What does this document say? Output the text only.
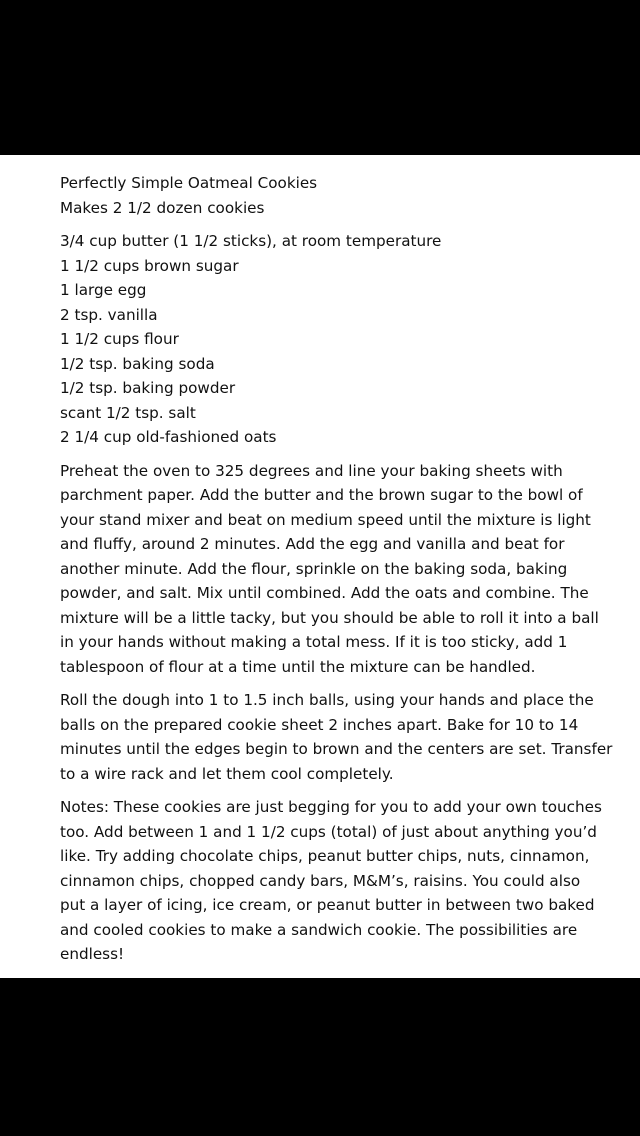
Perfectly Simple Oatmeal Cookies
Makes 2 1/2 dozen cookies
3/4 cup butter (1 1/2 sticks), at room temperature
1 1/2 cups brown sugar
1 large egg
2 tsp. vanilla
1 1/2 cups flour
1/2 tsp. baking soda
1/2 tsp. baking powder
scant 1/2 tsp. salt
2 1/4 cup old-fashioned oats
Preheat the oven to 325 degrees and line your baking sheets with
parchment paper. Add the butter and the brown sugar to the bowl of
your stand mixer and beat on medium speed until the mixture is light
and fluffy, around 2 minutes. Add the egg and vanilla and beat for
another minute. Add the flour, sprinkle on the baking soda, baking
powder, and salt. Mix until combined. Add the oats and combine. The
mixture will be a little tacky, but you should be able to roll it into a ball
in your hands without making a total mess. If it is too sticky, add 1
tablespoon of flour at a time until the mixture can be handled.
Roll the dough into 1 to 1.5 inch balls, using your hands and place the
balls on the prepared cookie sheet 2 inches apart. Bake for 10 to 14
minutes until the edges begin to brown and the centers are set. Transfer
to a wire rack and let them cool completely.
Notes: These cookies are just begging for you to add your own touches
too. Add between 1 and 1 1/2 cups (total) of just about anything you’d
like. Try adding chocolate chips, peanut butter chips, nuts, cinnamon,
cinnamon chips, chopped candy bars, M&M’s, raisins. You could also
put a layer of icing, ice cream, or peanut butter in between two baked
and cooled cookies to make a sandwich cookie. The possibilities are
endless!
